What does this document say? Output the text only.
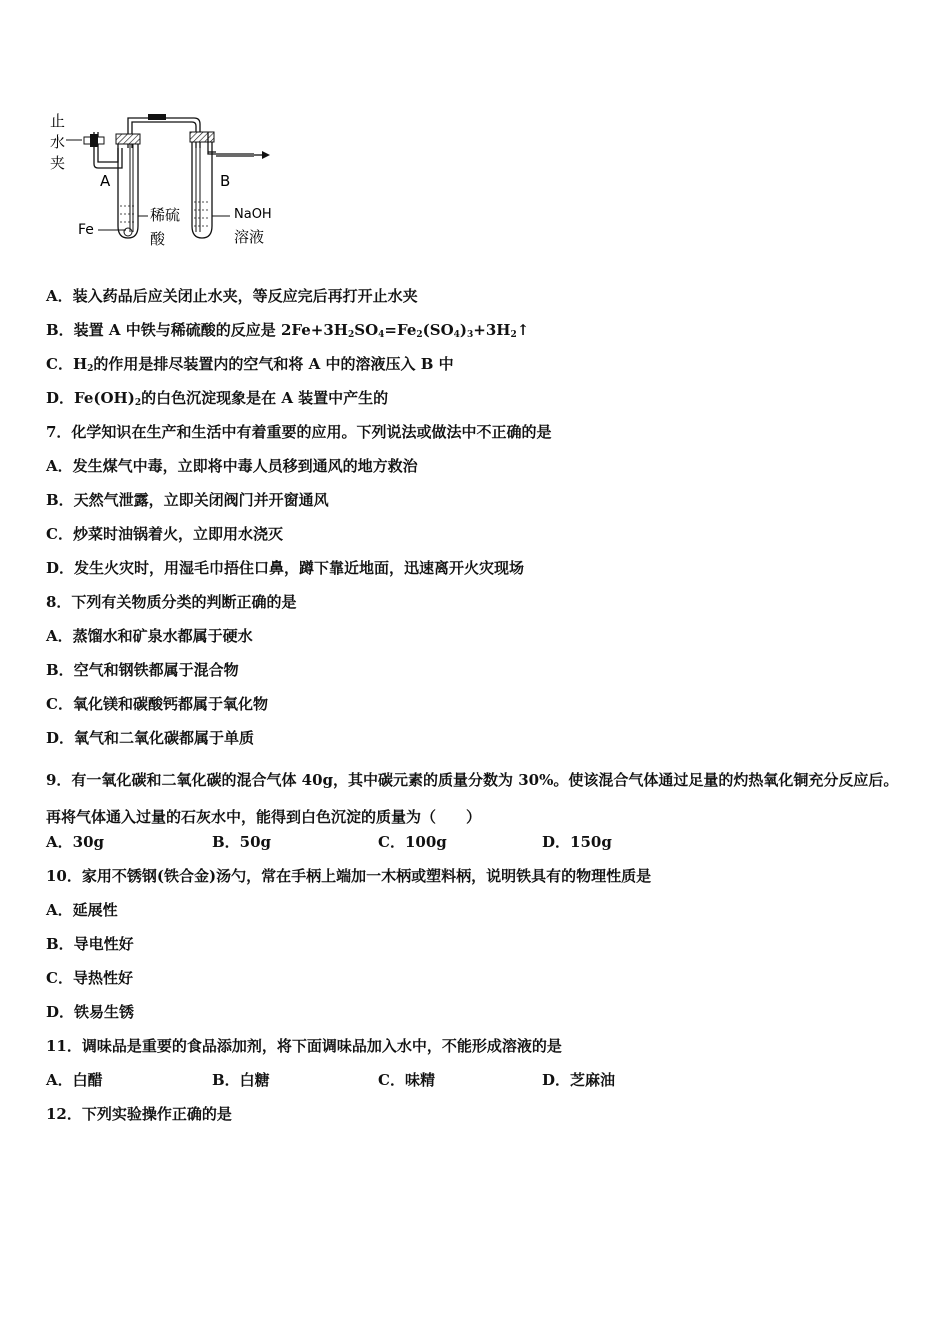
止
水
夹
A	B
Fe
稀硫
酸
NaOH
溶液
A．装入药品后应关闭止水夹，等反应完后再打开止水夹
B．装置 A 中铁与稀硫酸的反应是 $2Fe+3H_2SO_4=Fe_2(SO_4)_3+3H_2↑$
C．$H_2$的作用是排尽装置内的空气和将 A 中的溶液压入 B 中
D．$Fe(OH)_2$的白色沉淀现象是在 A 装置中产生的
7．化学知识在生产和生活中有着重要的应用。下列说法或做法中不正确的是
A．发生煤气中毒，立即将中毒人员移到通风的地方救治
B．天然气泄露，立即关闭阀门并开窗通风
C．炒菜时油锅着火，立即用水浇灭
D．发生火灾时，用湿毛巾捂住口鼻，蹲下靠近地面，迅速离开火灾现场
8．下列有关物质分类的判断正确的是
A．蒸馏水和矿泉水都属于硬水
B．空气和钢铁都属于混合物
C．氧化镁和碳酸钙都属于氧化物
D．氧气和二氧化碳都属于单质
9．有一氧化碳和二氧化碳的混合气体 40g，其中碳元素的质量分数为 30%。使该混合气体通过足量的灼热氧化铜充分反应后。再将气体通入过量的石灰水中，能得到白色沉淀的质量为（　　）
A．30g	B．50g	C．100g	D．150g
10．家用不锈钢(铁合金)汤勺，常在手柄上端加一木柄或塑料柄，说明铁具有的物理性质是
A．延展性
B．导电性好
C．导热性好
D．铁易生锈
11．调味品是重要的食品添加剂，将下面调味品加入水中，不能形成溶液的是
A．白醋	B．白糖	C．味精	D．芝麻油
12．下列实验操作正确的是
